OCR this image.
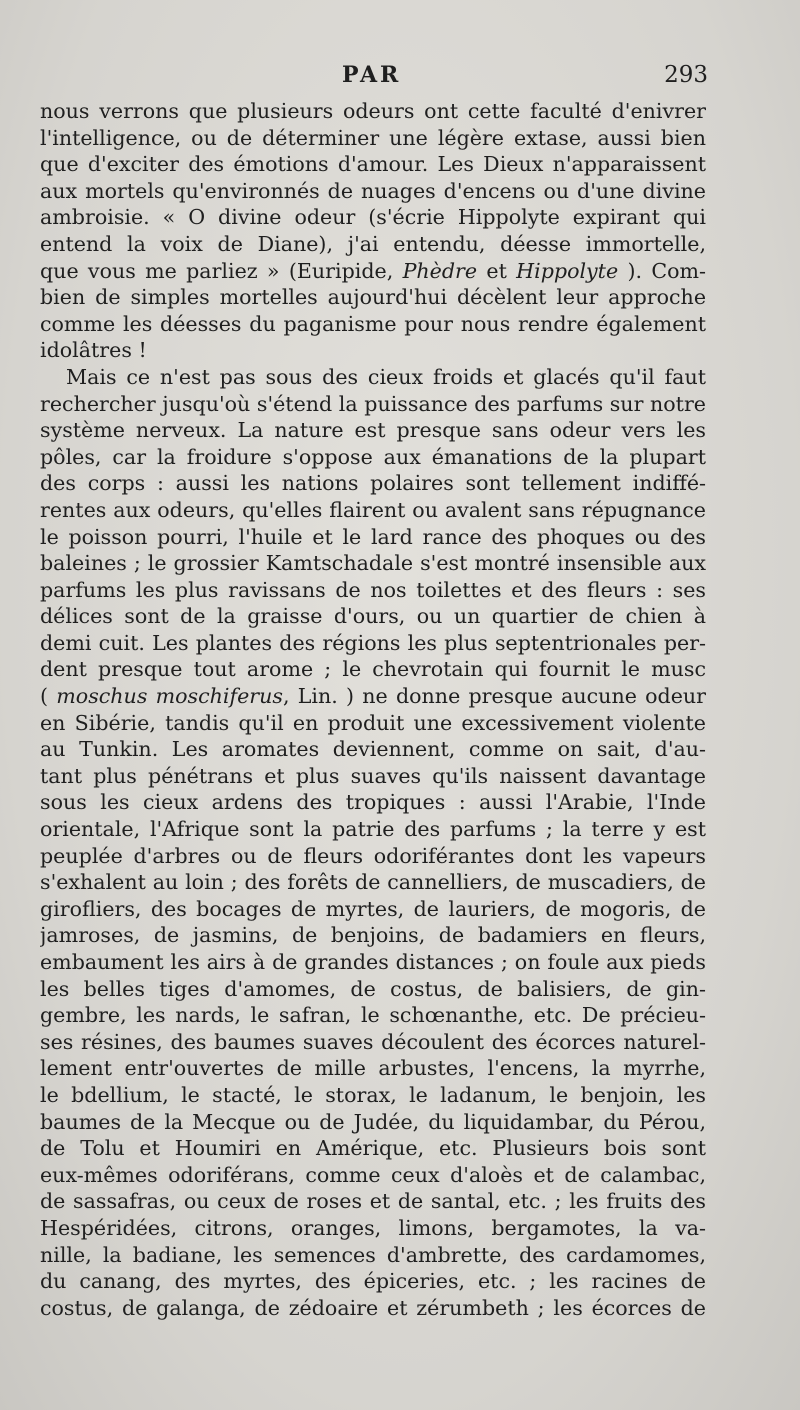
PAR	293
nous verrons que plusieurs odeurs ont cette faculté d'enivrer
l'intelligence, ou de déterminer une légère extase, aussi bien
que d'exciter des émotions d'amour. Les Dieux n'apparaissent
aux mortels qu'environnés de nuages d'encens ou d'une divine
ambroisie. « O divine odeur (s'écrie Hippolyte expirant qui
entend la voix de Diane), j'ai entendu, déesse immortelle,
que vous me parliez » (Euripide, Phèdre et Hippolyte ). Com-
bien de simples mortelles aujourd'hui décèlent leur approche
comme les déesses du paganisme pour nous rendre également
idolâtres !
Mais ce n'est pas sous des cieux froids et glacés qu'il faut
rechercher jusqu'où s'étend la puissance des parfums sur notre
système nerveux. La nature est presque sans odeur vers les
pôles, car la froidure s'oppose aux émanations de la plupart
des corps : aussi les nations polaires sont tellement indiffé-
rentes aux odeurs, qu'elles flairent ou avalent sans répugnance
le poisson pourri, l'huile et le lard rance des phoques ou des
baleines ; le grossier Kamtschadale s'est montré insensible aux
parfums les plus ravissans de nos toilettes et des fleurs : ses
délices sont de la graisse d'ours, ou un quartier de chien à
demi cuit. Les plantes des régions les plus septentrionales per-
dent presque tout arome ; le chevrotain qui fournit le musc
( moschus moschiferus, Lin. ) ne donne presque aucune odeur
en Sibérie, tandis qu'il en produit une excessivement violente
au Tunkin. Les aromates deviennent, comme on sait, d'au-
tant plus pénétrans et plus suaves qu'ils naissent davantage
sous les cieux ardens des tropiques : aussi l'Arabie, l'Inde
orientale, l'Afrique sont la patrie des parfums ; la terre y est
peuplée d'arbres ou de fleurs odoriférantes dont les vapeurs
s'exhalent au loin ; des forêts de cannelliers, de muscadiers, de
girofliers, des bocages de myrtes, de lauriers, de mogoris, de
jamroses, de jasmins, de benjoins, de badamiers en fleurs,
embaument les airs à de grandes distances ; on foule aux pieds
les belles tiges d'amomes, de costus, de balisiers, de gin-
gembre, les nards, le safran, le schœnanthe, etc. De précieu-
ses résines, des baumes suaves découlent des écorces naturel-
lement entr'ouvertes de mille arbustes, l'encens, la myrrhe,
le bdellium, le stacté, le storax, le ladanum, le benjoin, les
baumes de la Mecque ou de Judée, du liquidambar, du Pérou,
de Tolu et Houmiri en Amérique, etc. Plusieurs bois sont
eux-mêmes odoriférans, comme ceux d'aloès et de calambac,
de sassafras, ou ceux de roses et de santal, etc. ; les fruits des
Hespéridées, citrons, oranges, limons, bergamotes, la va-
nille, la badiane, les semences d'ambrette, des cardamomes,
du canang, des myrtes, des épiceries, etc. ; les racines de
costus, de galanga, de zédoaire et zérumbeth ; les écorces de
